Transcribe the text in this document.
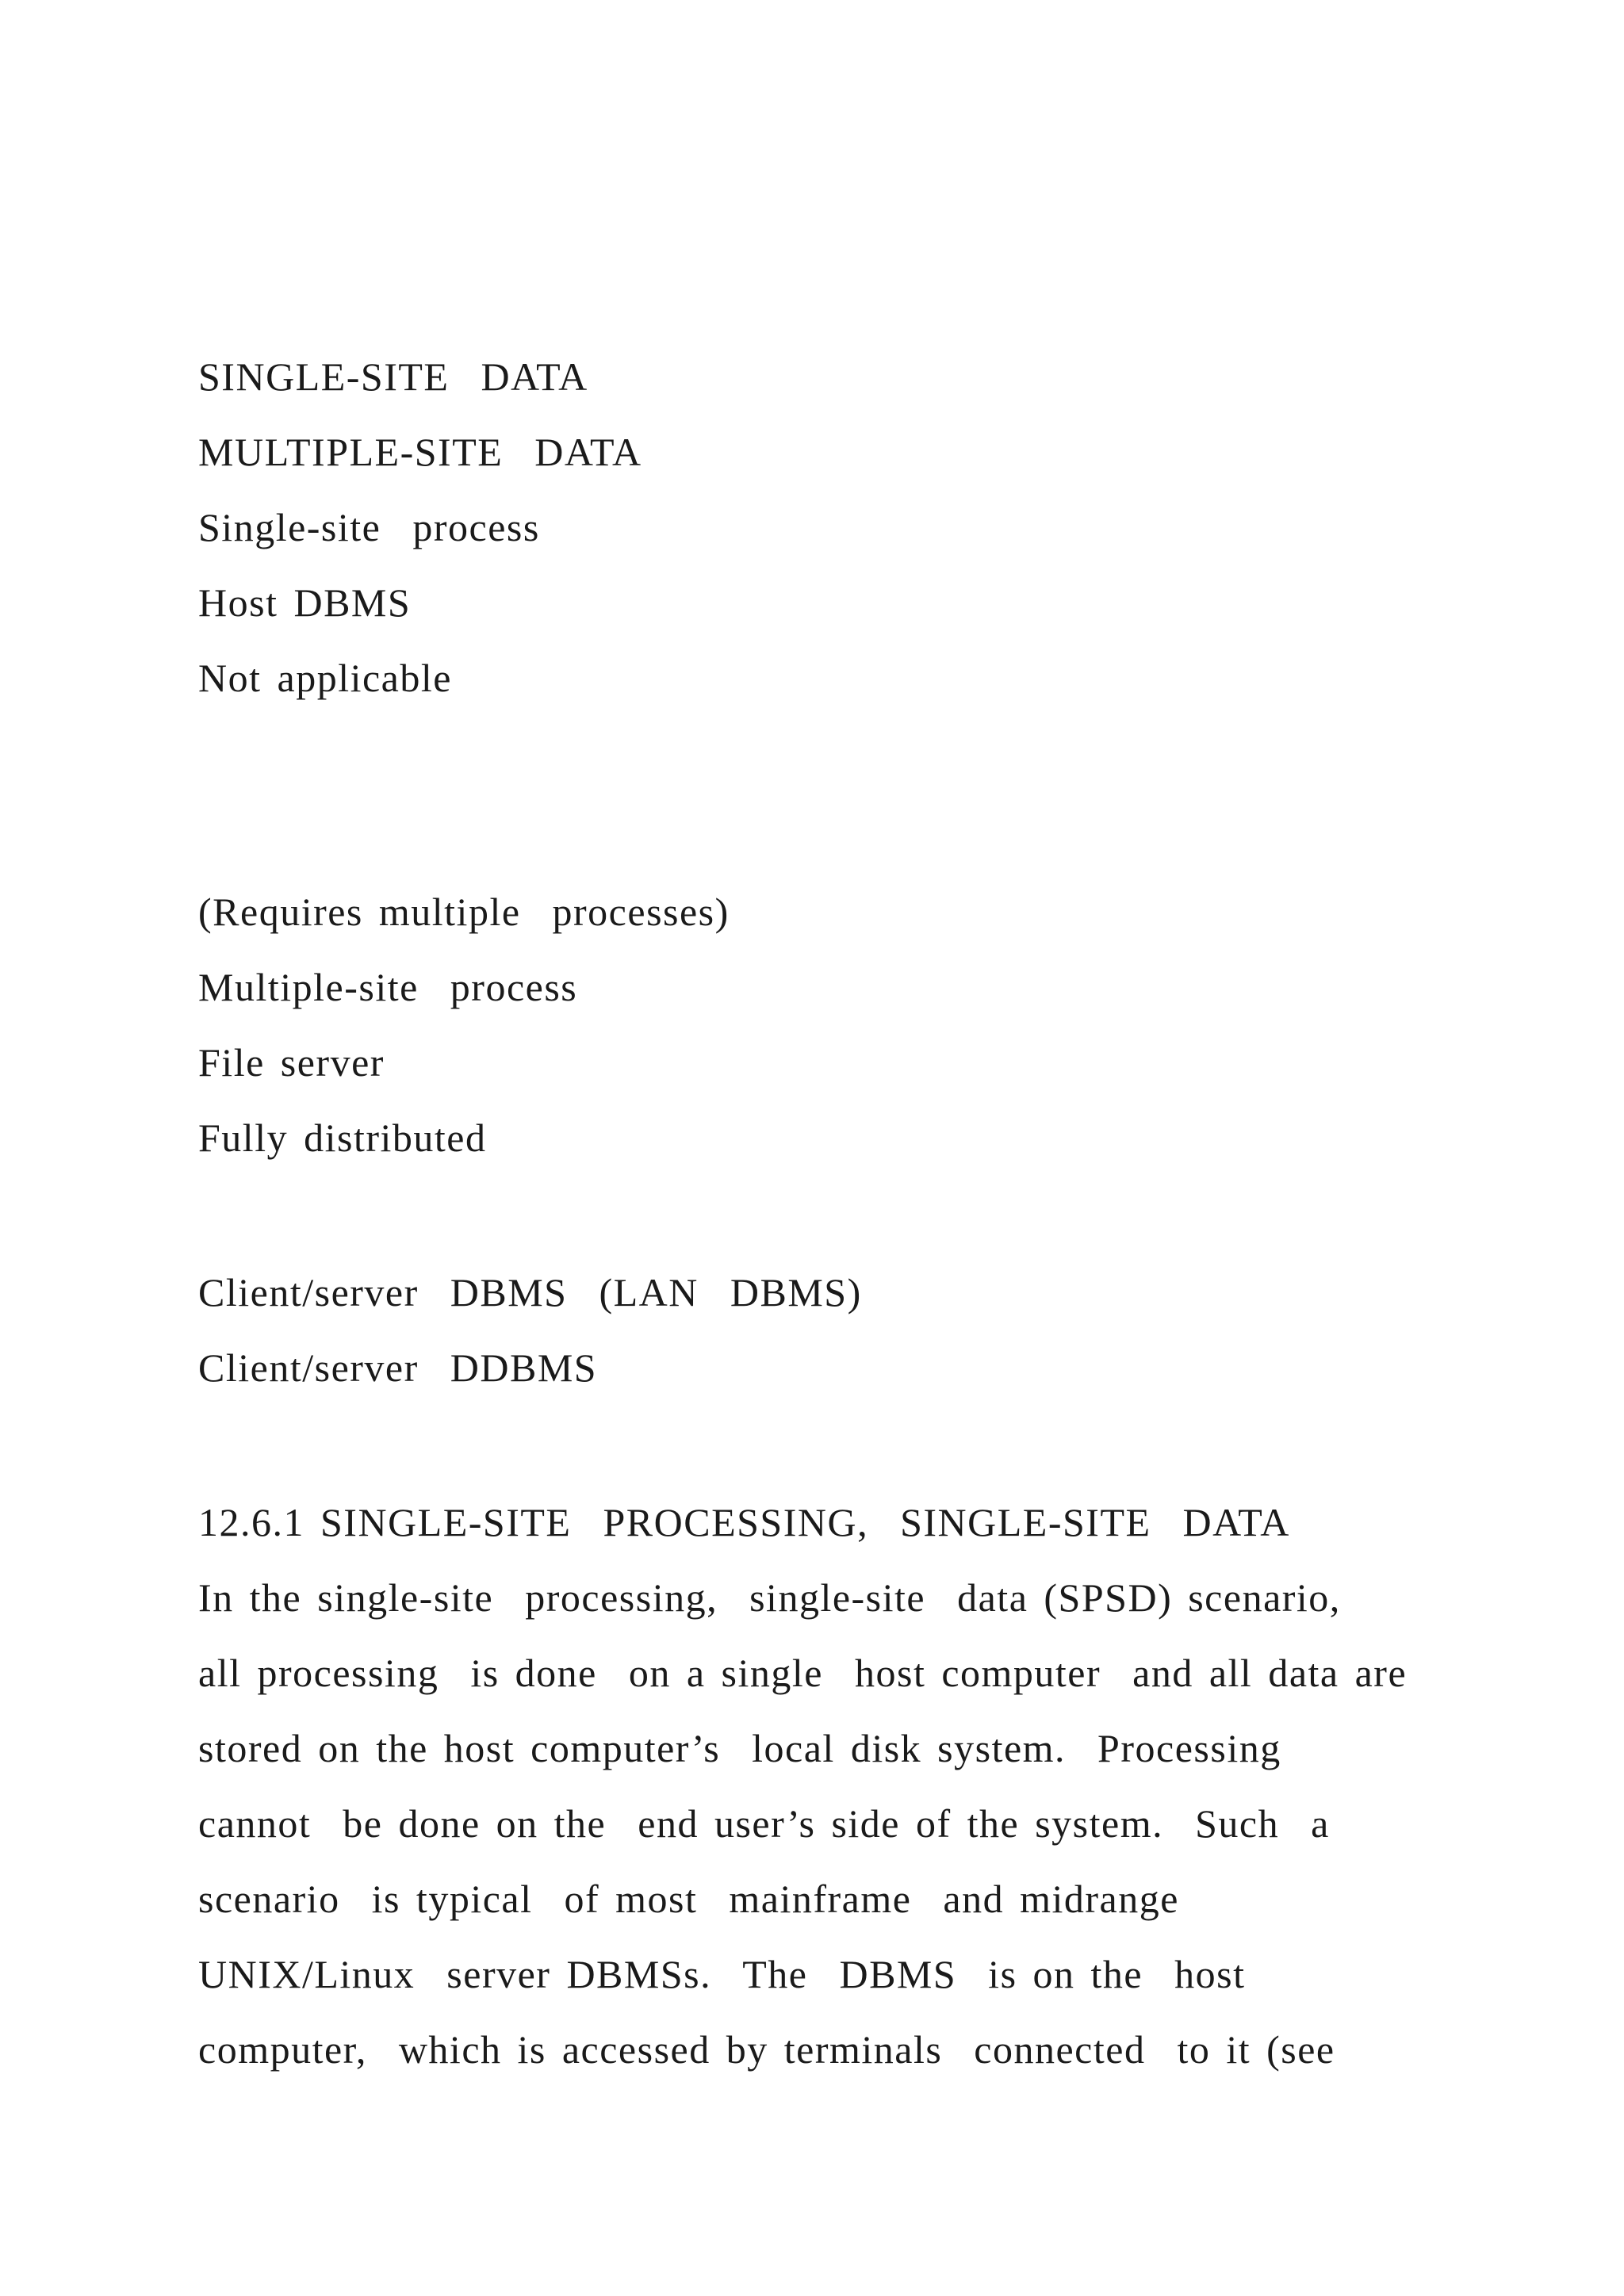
SINGLE-SITE  DATA
MULTIPLE-SITE  DATA
Single-site  process
Host DBMS
Not applicable
(Requires multiple  processes)
Multiple-site  process
File server
Fully distributed
Client/server  DBMS  (LAN  DBMS)
Client/server  DDBMS
12.6.1 SINGLE-SITE  PROCESSING,  SINGLE-SITE  DATA
In the single-site  processing,  single-site  data (SPSD) scenario,
all processing  is done  on a single  host computer  and all data are
stored on the host computer’s  local disk system.  Processing
cannot  be done on the  end user’s side of the system.  Such  a
scenario  is typical  of most  mainframe  and midrange
UNIX/Linux  server DBMSs.  The  DBMS  is on the  host
computer,  which is accessed by terminals  connected  to it (see
